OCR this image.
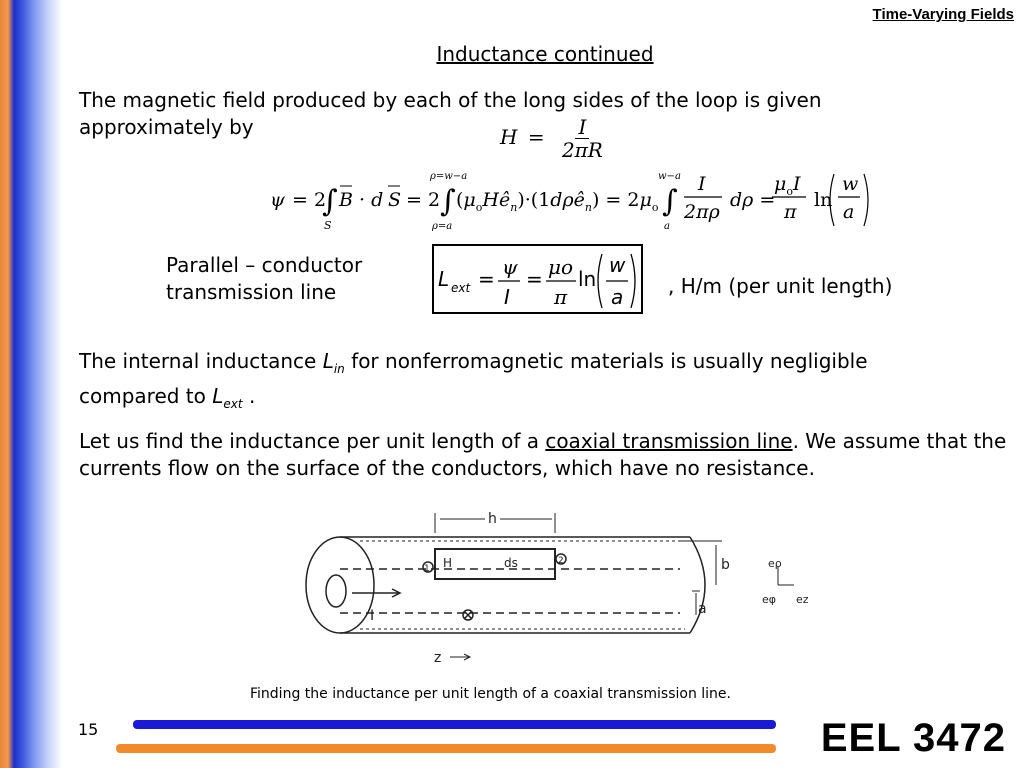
Time-Varying Fields
Inductance continued
The magnetic field produced by each of the long sides of the loop is given approximately by	$H = \frac{I}{2\pi R}$
ψ = 2
∫
S
B · d S = 2
ρ=w−a
∫
ρ=a
$(\mu_oHê_n)\cdot(1d\rho ê_n) = 2\mu_o$
w−a
∫
a
I
2πρ
dρ =
$\mu_oI$
π
ln
w
a
Parallel – conductor
transmission line
L ext = ψ
I
= μo
π
ln
w
a , H/m (per unit length)
The internal inductance $L_{in}$ for nonferromagnetic materials is usually negligible
compared to $L_{ext}$ .
Let us find the inductance per unit length of a coaxial transmission line. We assume that the currents flow on the surface of the conductors, which have no resistance.
h
b
a
I
z
H
1
2
ds	eρ
eφ ez
Finding the inductance per unit length of a coaxial transmission line.
15	EEL 3472
